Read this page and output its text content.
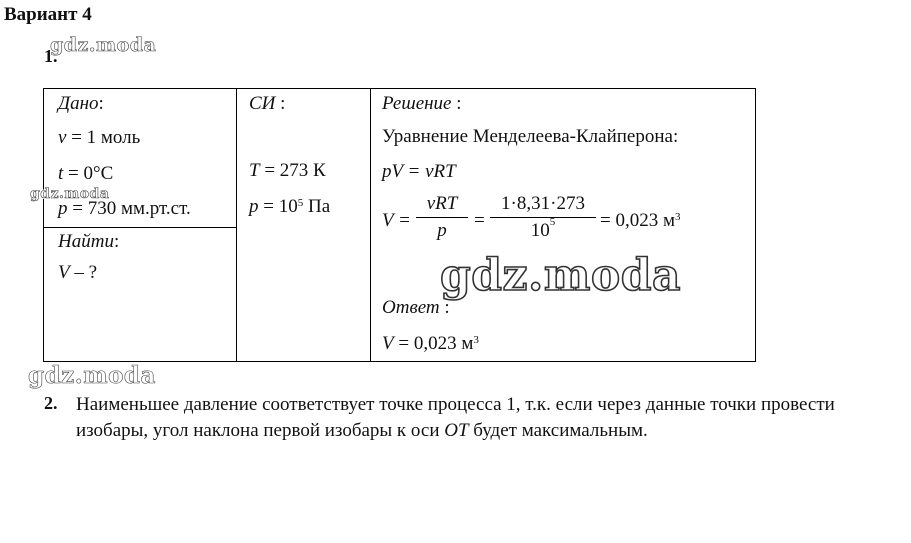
Вариант 4
1.
Дано:
ν = 1 моль
t = 0°C
p = 730 мм.рт.ст.
Найти:
V – ?
СИ :
T = 273 К
$p = 10^5$ Па
Решение :
Уравнение Менделеева-Клайперона:
pV = νRT
V =
νRT
p	=
1·8,31·273
$10^5$	= 0,023 $м^3$
Ответ :
V = 0,023 $м^3$
2. Наименьшее давление соответствует точке процесса 1, т.к. если через данные точки провести изобары, угол наклона первой изобары к оси OT будет максимальным.
gdz.moda
gdz.moda
gdz.moda
gdz.moda
